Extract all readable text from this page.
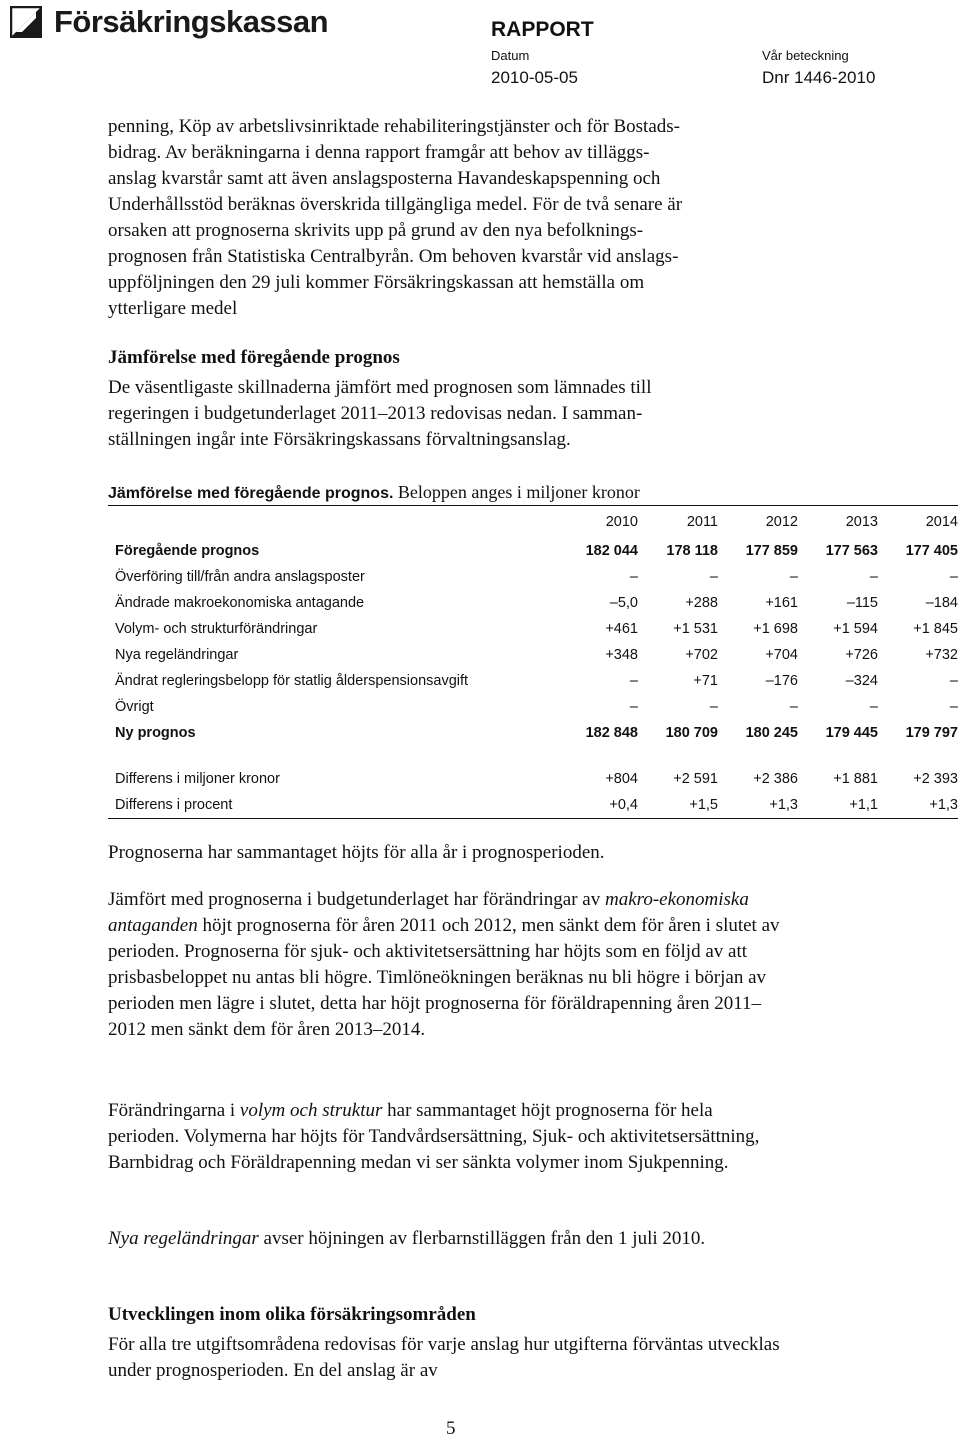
Försäkringskassan	RAPPORT
Datum	Vår beteckning
2010-05-05	Dnr 1446-2010
penning, Köp av arbetslivsinriktade rehabiliteringstjänster och för Bostads-
bidrag. Av beräkningarna i denna rapport framgår att behov av tilläggs-
anslag kvarstår samt att även anslagsposterna Havandeskapspenning och
Underhållsstöd beräknas överskrida tillgängliga medel. För de två senare är
orsaken att prognoserna skrivits upp på grund av den nya befolknings-
prognosen från Statistiska Centralbyrån. Om behoven kvarstår vid anslags-
uppföljningen den 29 juli kommer Försäkringskassan att hemställa om
ytterligare medel
Jämförelse med föregående prognos
De väsentligaste skillnaderna jämfört med prognosen som lämnades till
regeringen i budgetunderlaget 2011–2013 redovisas nedan. I samman-
ställningen ingår inte Försäkringskassans förvaltningsanslag.
Jämförelse med föregående prognos. Beloppen anges i miljoner kronor
	2010	2011	2012	2013	2014
Föregående prognos	182 044	178 118	177 859	177 563	177 405
Överföring till/från andra anslagsposter	–	–	–	–	–
Ändrade makroekonomiska antagande	–5,0	+288	+161	–115	–184
Volym- och strukturförändringar	+461	+1 531	+1 698	+1 594	+1 845
Nya regeländringar	+348	+702	+704	+726	+732
Ändrat regleringsbelopp för statlig ålderspensionsavgift	–	+71	–176	–324	–
Övrigt	–	–	–	–	–
Ny prognos	182 848	180 709	180 245	179 445	179 797

Differens i miljoner kronor	+804	+2 591	+2 386	+1 881	+2 393
Differens i procent	+0,4	+1,5	+1,3	+1,1	+1,3
Prognoserna har sammantaget höjts för alla år i prognosperioden.
Jämfört med prognoserna i budgetunderlaget har förändringar av makro-ekonomiska antaganden höjt prognoserna för åren 2011 och 2012, men sänkt dem för åren i slutet av perioden. Prognoserna för sjuk- och aktivitetsersättning har höjts som en följd av att prisbasbeloppet nu antas bli högre. Timlöneökningen beräknas nu bli högre i början av perioden men lägre i slutet, detta har höjt prognoserna för föräldrapenning åren 2011–2012 men sänkt dem för åren 2013–2014.
Förändringarna i volym och struktur har sammantaget höjt prognoserna för hela perioden. Volymerna har höjts för Tandvårdsersättning, Sjuk- och aktivitetsersättning, Barnbidrag och Föräldrapenning medan vi ser sänkta volymer inom Sjukpenning.
Nya regeländringar avser höjningen av flerbarnstilläggen från den 1 juli 2010.
Utvecklingen inom olika försäkringsområden
För alla tre utgiftsområdena redovisas för varje anslag hur utgifterna förväntas utvecklas under prognosperioden. En del anslag är av
5
